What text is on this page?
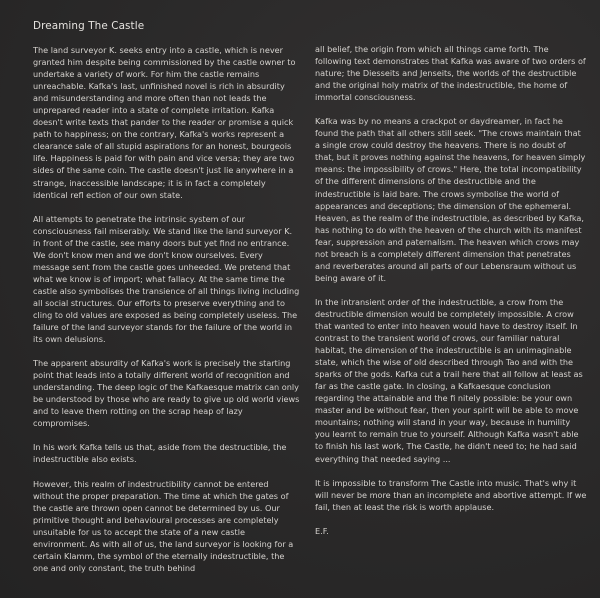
Dreaming The Castle

The land surveyor K. seeks entry into a castle, which is never granted him despite being commissioned by the castle owner to undertake a variety of work. For him the castle remains unreachable. Kafka's last, unfinished novel is rich in absurdity and misunderstanding and more often than not leads the unprepared reader into a state of complete irritation. Kafka doesn't write texts that pander to the reader or promise a quick path to happiness; on the contrary, Kafka's works represent a clearance sale of all stupid aspirations for an honest, bourgeois life. Happiness is paid for with pain and vice versa; they are two sides of the same coin. The castle doesn't just lie anywhere in a strange, inaccessible landscape; it is in fact a completely identical refl ection of our own state.

All attempts to penetrate the intrinsic system of our consciousness fail miserably. We stand like the land surveyor K. in front of the castle, see many doors but yet find no entrance. We don't know men and we don't know ourselves. Every message sent from the castle goes unheeded. We pretend that what we know is of import; what fallacy. At the same time the castle also symbolises the transience of all things living including all social structures. Our efforts to preserve everything and to cling to old values are exposed as being completely useless. The failure of the land surveyor stands for the failure of the world in its own delusions.

The apparent absurdity of Kafka's work is precisely the starting point that leads into a totally different world of recognition and understanding. The deep logic of the Kafkaesque matrix can only be understood by those who are ready to give up old world views and to leave them rotting on the scrap heap of lazy compromises.

In his work Kafka tells us that, aside from the destructible, the indestructible also exists.

However, this realm of indestructibility cannot be entered without the proper preparation. The time at which the gates of the castle are thrown open cannot be determined by us. Our primitive thought and behavioural processes are completely unsuitable for us to accept the state of a new castle environment. As with all of us, the land surveyor is looking for a certain Klamm, the symbol of the eternally indestructible, the one and only constant, the truth behind

all belief, the origin from which all things came forth. The following text demonstrates that Kafka was aware of two orders of nature; the Diesseits and Jenseits, the worlds of the destructible and the original holy matrix of the indestructible, the home of immortal consciousness.

Kafka was by no means a crackpot or daydreamer, in fact he found the path that all others still seek. "The crows maintain that a single crow could destroy the heavens. There is no doubt of that, but it proves nothing against the heavens, for heaven simply means: the impossibility of crows." Here, the total incompatibility of the different dimensions of the destructible and the indestructible is laid bare. The crows symbolise the world of appearances and deceptions; the dimension of the ephemeral. Heaven, as the realm of the indestructible, as described by Kafka, has nothing to do with the heaven of the church with its manifest fear, suppression and paternalism. The heaven which crows may not breach is a completely different dimension that penetrates and reverberates around all parts of our Lebensraum without us being aware of it.

In the intransient order of the indestructible, a crow from the destructible dimension would be completely impossible. A crow that wanted to enter into heaven would have to destroy itself. In contrast to the transient world of crows, our familiar natural habitat, the dimension of the indestructible is an unimaginable state, which the wise of old described through Tao and with the sparks of the gods. Kafka cut a trail here that all follow at least as far as the castle gate. In closing, a Kafkaesque conclusion regarding the attainable and the fi nitely possible: be your own master and be without fear, then your spirit will be able to move mountains; nothing will stand in your way, because in humility you learnt to remain true to yourself. Although Kafka wasn't able to finish his last work, The Castle, he didn't need to; he had said everything that needed saying ...

It is impossible to transform The Castle into music. That's why it will never be more than an incomplete and abortive attempt. If we fail, then at least the risk is worth applause.

E.F.
